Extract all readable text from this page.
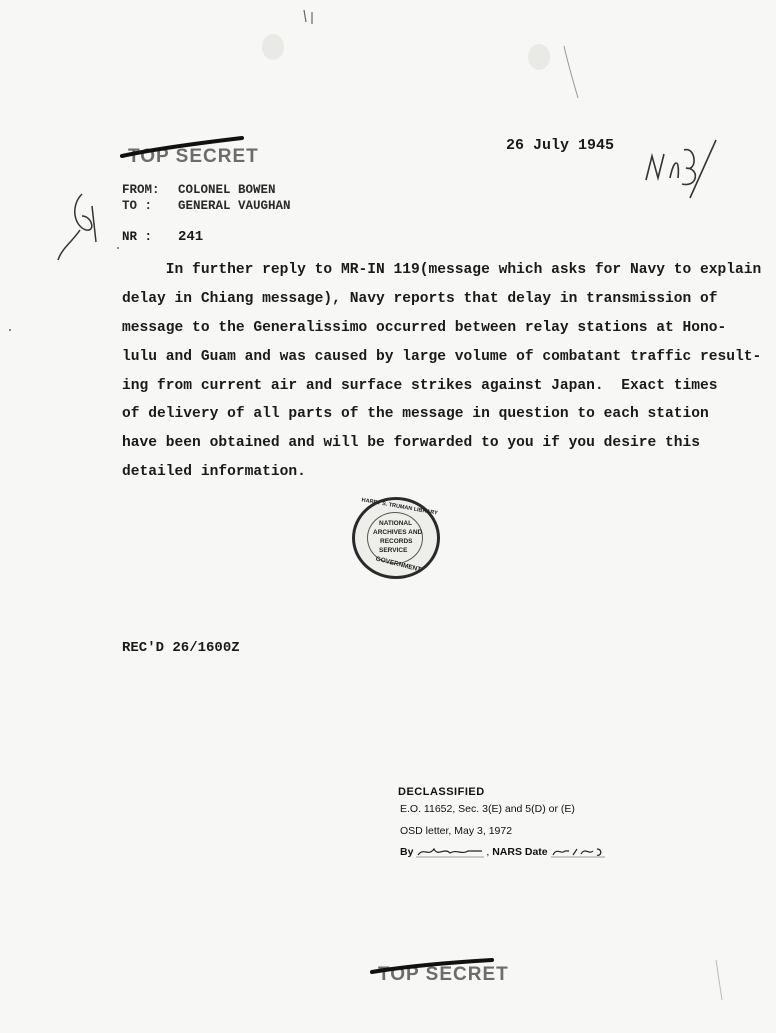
TOP SECRET
26 July 1945
FROM: COLONEL BOWEN
TO : GENERAL VAUGHAN
NR : 241
In further reply to MR-IN 119(message which asks for Navy to explain
delay in Chiang message), Navy reports that delay in transmission of
message to the Generalissimo occurred between relay stations at Hono-
lulu and Guam and was caused by large volume of combatant traffic result-
ing from current air and surface strikes against Japan.  Exact times
of delivery of all parts of the message in question to each station
have been obtained and will be forwarded to you if you desire this
detailed information.
HARRY S. TRUMAN LIBRARY
NATIONAL
ARCHIVES AND
RECORDS
SERVICE
GOVERNMENT
REC'D 26/1600Z
DECLASSIFIED
E.O. 11652, Sec. 3(E) and 5(D) or (E)
OSD letter, May 3, 1972
By	, NARS Date
TOP SECRET
